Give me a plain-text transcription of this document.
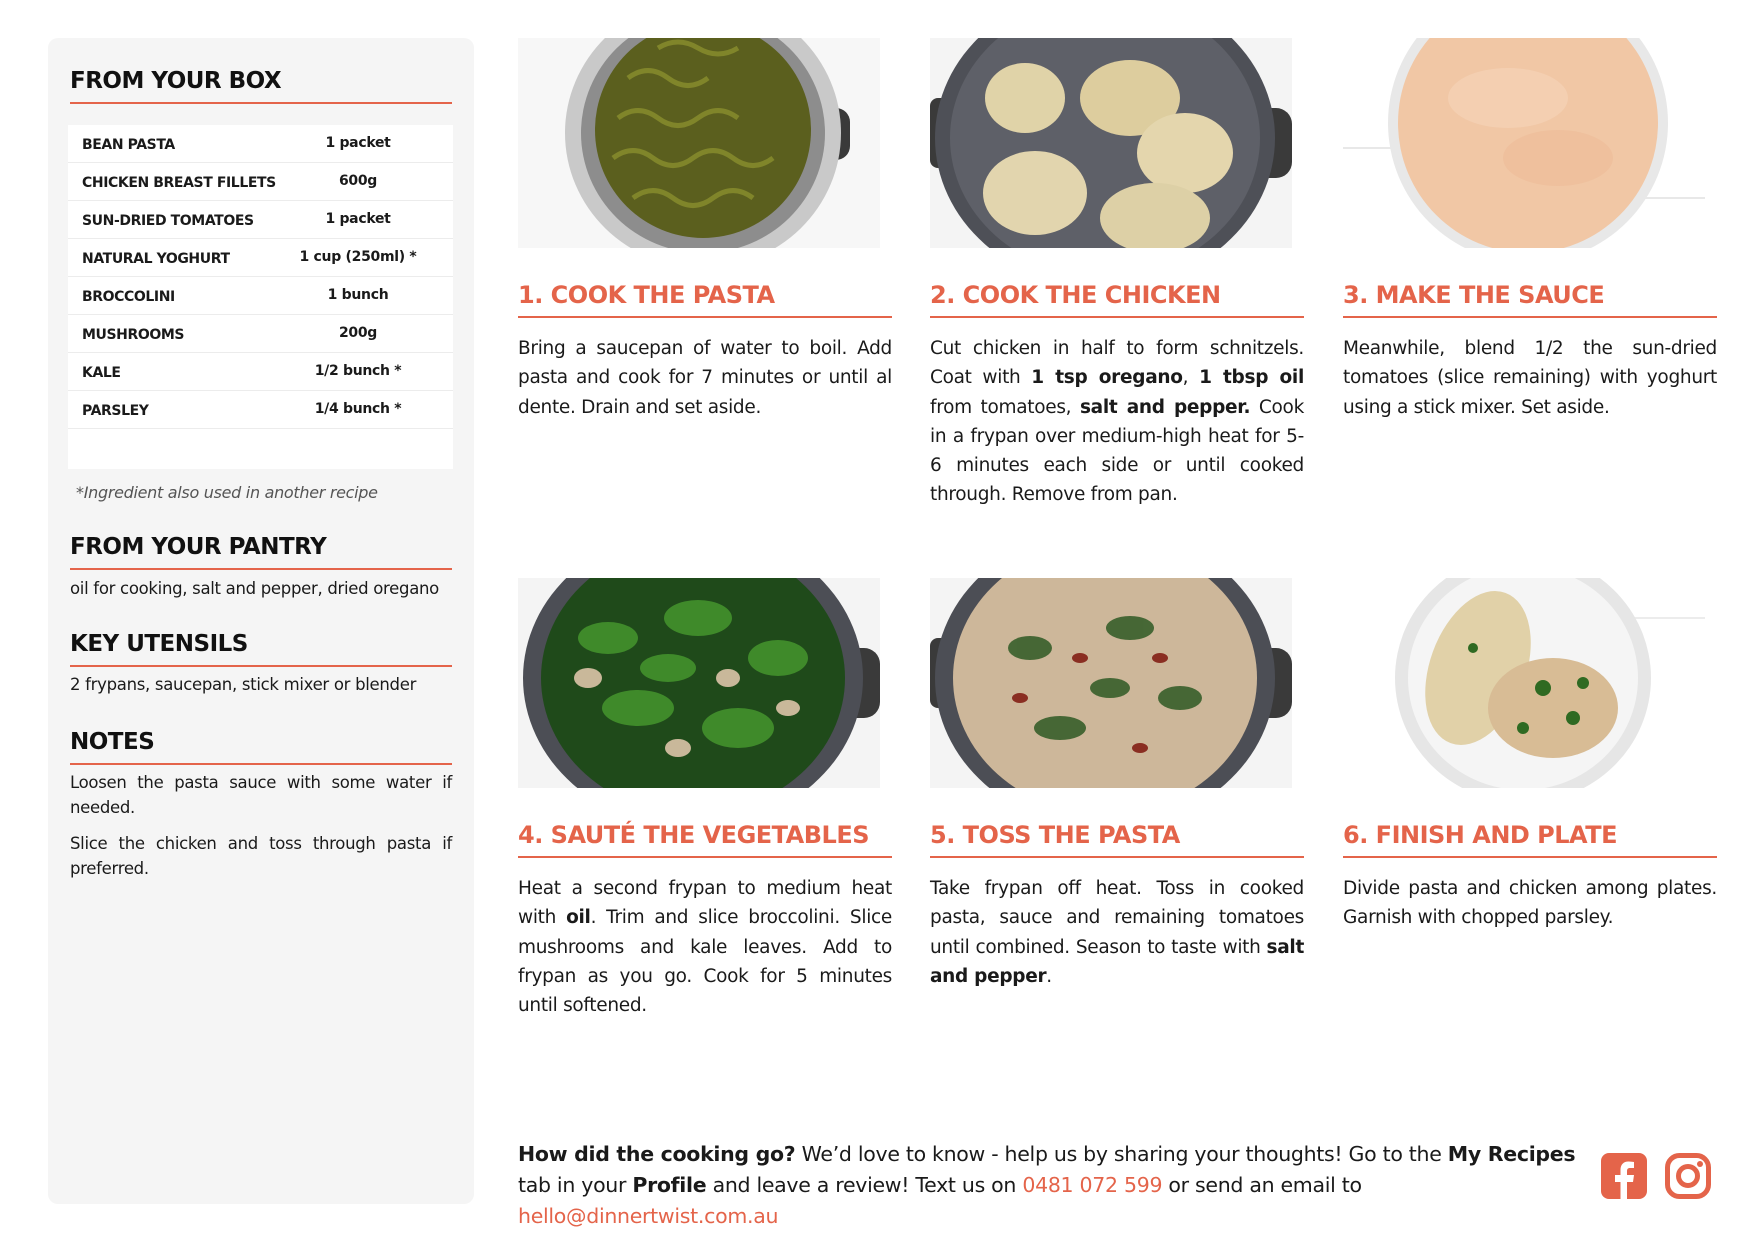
FROM YOUR BOX
BEAN PASTA	1 packet
CHICKEN BREAST FILLETS	600g
SUN-DRIED TOMATOES	1 packet
NATURAL YOGHURT	1 cup (250ml) *
BROCCOLINI	1 bunch
MUSHROOMS	200g
KALE	1/2 bunch *
PARSLEY	1/4 bunch *
*Ingredient also used in another recipe
FROM YOUR PANTRY
oil for cooking, salt and pepper, dried oregano
KEY UTENSILS
2 frypans, saucepan, stick mixer or blender
NOTES
Loosen the pasta sauce with some water if needed.
Slice the chicken and toss through pasta if preferred.
1. COOK THE PASTA
Bring a saucepan of water to boil. Add pasta and cook for 7 minutes or until al dente. Drain and set aside.
2. COOK THE CHICKEN
Cut chicken in half to form schnitzels. Coat with 1 tsp oregano, 1 tbsp oil from tomatoes, salt and pepper. Cook in a frypan over medium-high heat for 5-6 minutes each side or until cooked through. Remove from pan.
3. MAKE THE SAUCE
Meanwhile, blend 1/2 the sun-dried tomatoes (slice remaining) with yoghurt using a stick mixer. Set aside.
4. SAUTÉ THE VEGETABLES
Heat a second frypan to medium heat with oil. Trim and slice broccolini. Slice mushrooms and kale leaves. Add to frypan as you go. Cook for 5 minutes until softened.
5. TOSS THE PASTA
Take frypan off heat. Toss in cooked pasta, sauce and remaining tomatoes until combined. Season to taste with salt and pepper.
6. FINISH AND PLATE
Divide pasta and chicken among plates. Garnish with chopped parsley.
How did the cooking go? We’d love to know - help us by sharing your thoughts! Go to the My Recipes tab in your Profile and leave a review! Text us on 0481 072 599 or send an email to hello@dinnertwist.com.au
